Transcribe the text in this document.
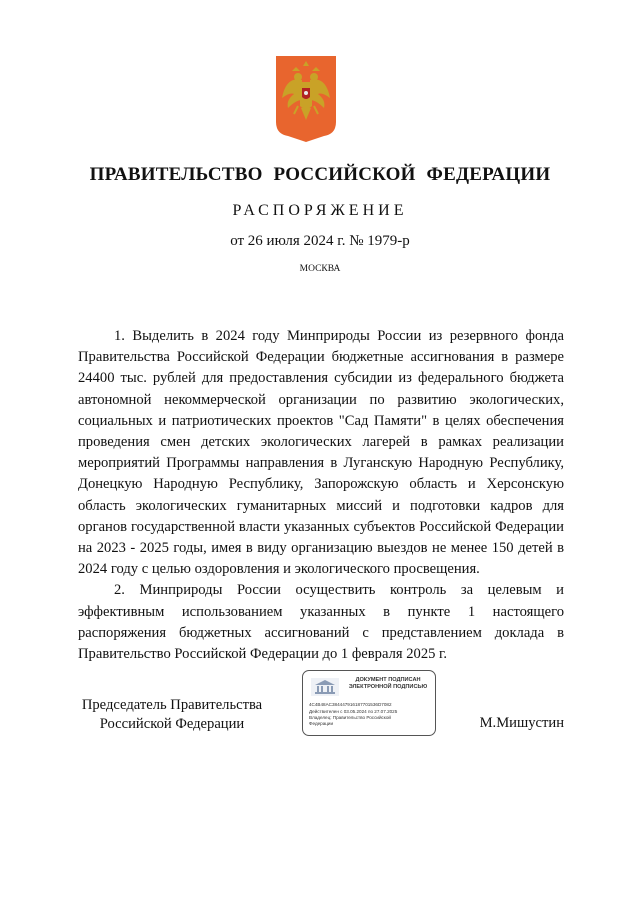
ПРАВИТЕЛЬСТВО РОССИЙСКОЙ ФЕДЕРАЦИИ
РАСПОРЯЖЕНИЕ
от 26 июля 2024 г. № 1979-р
МОСКВА

1. Выделить в 2024 году Минприроды России из резервного фонда Правительства Российской Федерации бюджетные ассигнования в размере 24400 тыс. рублей для предоставления субсидии из федерального бюджета автономной некоммерческой организации по развитию экологических, социальных и патриотических проектов "Сад Памяти" в целях обеспечения проведения смен детских экологических лагерей в рамках реализации мероприятий Программы направления в Луганскую Народную Республику, Донецкую Народную Республику, Запорожскую область и Херсонскую область экологических гуманитарных миссий и подготовки кадров для органов государственной власти указанных субъектов Российской Федерации на 2023 - 2025 годы, имея в виду организацию выездов не менее 150 детей в 2024 году с целью оздоровления и экологического просвещения.

2. Минприроды России осуществить контроль за целевым и эффективным использованием указанных в пункте 1 настоящего распоряжения бюджетных ассигнований с представлением доклада в Правительство Российской Федерации до 1 февраля 2025 г.

Председатель Правительства
Российской Федерации
ДОКУМЕНТ ПОДПИСАН
ЭЛЕКТРОННОЙ ПОДПИСЬЮ
4C4B48AC384447916187701536D7082
Действителен с 03.05.2024 по 27.07.2025
Владелец: Правительство Российской Федерации	М.Мишустин
